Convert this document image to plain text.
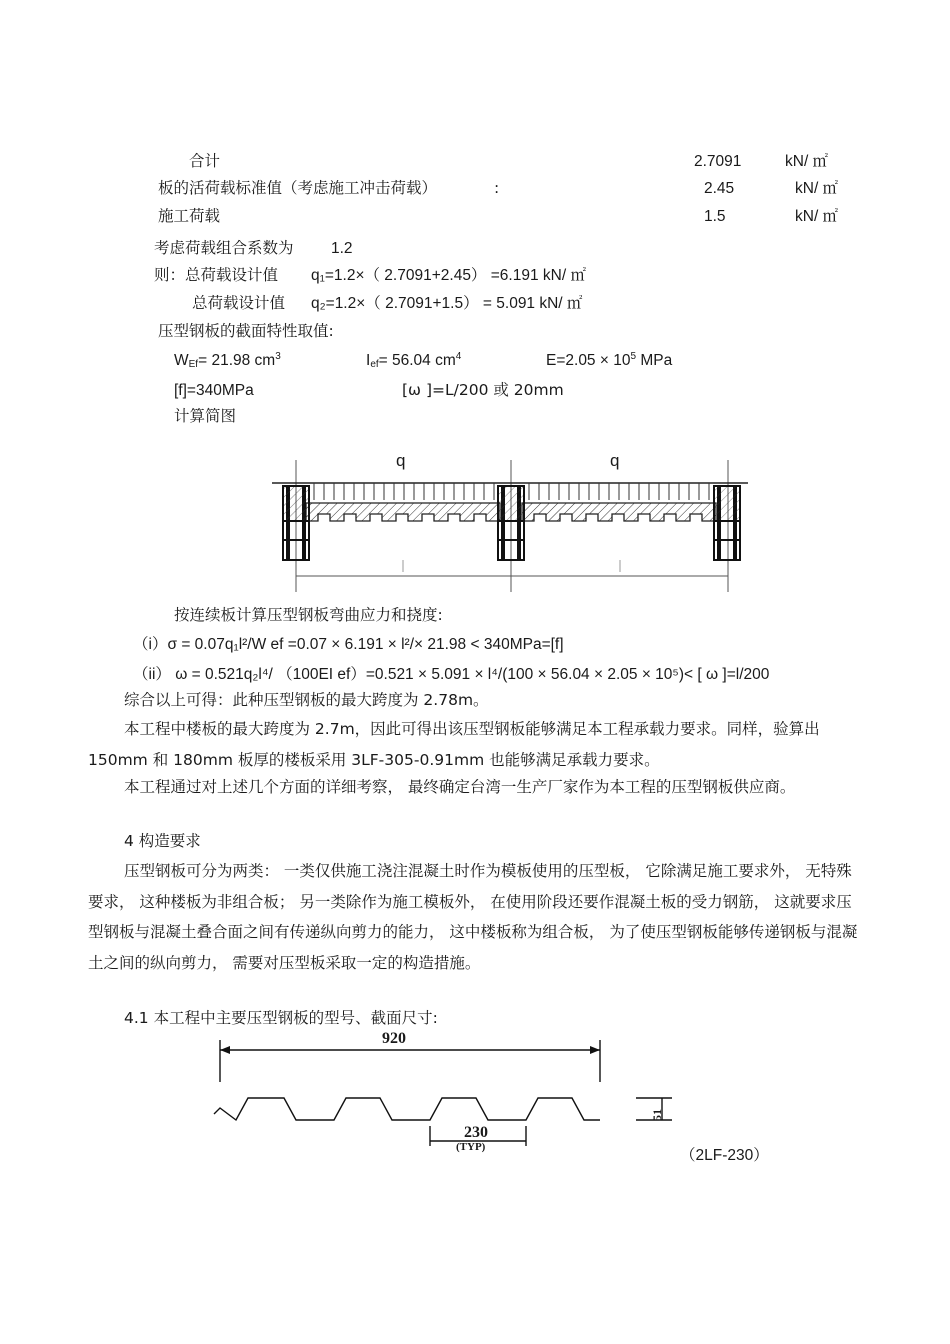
合计	2.7091	kN/ ㎡
板的活荷载标准值（考虑施工冲击荷载）	:	2.45	kN/ ㎡
施工荷载	1.5	kN/ ㎡
考虑荷载组合系数为 1.2
则：总荷载设计值 q₁=1.2×（ 2.7091+2.45） =6.191 kN/ ㎡
总荷载设计值 q₂=1.2×（ 2.7091+1.5） = 5.091 kN/ ㎡
压型钢板的截面特性取值:
$W_{Ef}= 21.98$ $cm^3$	$I_{ef}= 56.04$ $cm^4$	$E=2.05 \times 10^5$ MPa
[f]=340MPa	[ω ]=L/200 或 20mm
计算简图
q	q
按连续板计算压型钢板弯曲应力和挠度:
（i）σ = 0.07q₁l²/W ef =0.07 × 6.191 × l²/× 21.98 < 340MPa=[f]
（ii） ω = 0.521q₂l⁴/ （100EI ef）=0.521 × 5.091 × l⁴/(100 × 56.04 × 2.05 × 10⁵)< [ ω ]=l/200
综合以上可得：此种压型钢板的最大跨度为 2.78m。
本工程中楼板的最大跨度为 2.7m，因此可得出该压型钢板能够满足本工程承载力要求。同样，验算出 150mm 和 180mm 板厚的楼板采用 3LF-305-0.91mm 也能够满足承载力要求。
本工程通过对上述几个方面的详细考察， 最终确定台湾一生产厂家作为本工程的压型钢板供应商。
4 构造要求
压型钢板可分为两类： 一类仅供施工浇注混凝土时作为模板使用的压型板， 它除满足施工要求外， 无特殊要求， 这种楼板为非组合板； 另一类除作为施工模板外， 在使用阶段还要作混凝土板的受力钢筋， 这就要求压型钢板与混凝土叠合面之间有传递纵向剪力的能力， 这中楼板称为组合板， 为了使压型钢板能够传递钢板与混凝土之间的纵向剪力， 需要对压型板采取一定的构造措施。
4.1 本工程中主要压型钢板的型号、截面尺寸:
920
230
(TYP)
51
（2LF-230）
